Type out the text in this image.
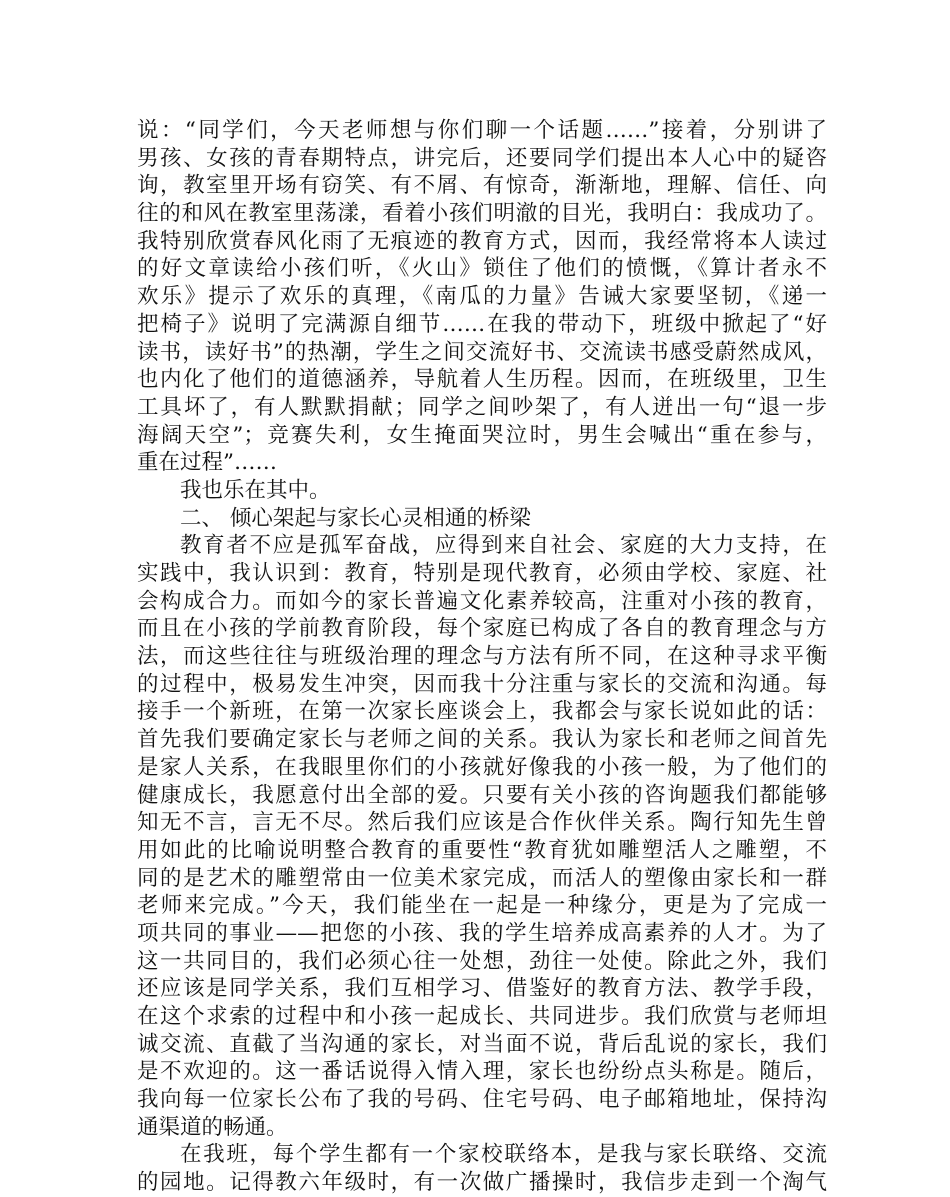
说：“同学们，今天老师想与你们聊一个话题……”接着，分别讲了
男孩、女孩的青春期特点，讲完后，还要同学们提出本人心中的疑咨
询，教室里开场有窃笑、有不屑、有惊奇，渐渐地，理解、信任、向
往的和风在教室里荡漾，看着小孩们明澈的目光，我明白：我成功了。
我特别欣赏春风化雨了无痕迹的教育方式，因而，我经常将本人读过
的好文章读给小孩们听，《火山》锁住了他们的愤慨，《算计者永不
欢乐》提示了欢乐的真理，《南瓜的力量》告诫大家要坚韧，《递一
把椅子》说明了完满源自细节……在我的带动下，班级中掀起了“好
读书，读好书”的热潮，学生之间交流好书、交流读书感受蔚然成风，
也内化了他们的道德涵养，导航着人生历程。因而，在班级里，卫生
工具坏了，有人默默捐献；同学之间吵架了，有人迸出一句“退一步
海阔天空”；竞赛失利，女生掩面哭泣时，男生会喊出“重在参与，
重在过程”……
我也乐在其中。
二、 倾心架起与家长心灵相通的桥梁
教育者不应是孤军奋战，应得到来自社会、家庭的大力支持，在
实践中，我认识到：教育，特别是现代教育，必须由学校、家庭、社
会构成合力。而如今的家长普遍文化素养较高，注重对小孩的教育，
而且在小孩的学前教育阶段，每个家庭已构成了各自的教育理念与方
法，而这些往往与班级治理的理念与方法有所不同，在这种寻求平衡
的过程中，极易发生冲突，因而我十分注重与家长的交流和沟通。每
接手一个新班，在第一次家长座谈会上，我都会与家长说如此的话：
首先我们要确定家长与老师之间的关系。我认为家长和老师之间首先
是家人关系，在我眼里你们的小孩就好像我的小孩一般，为了他们的
健康成长，我愿意付出全部的爱。只要有关小孩的咨询题我们都能够
知无不言，言无不尽。然后我们应该是合作伙伴关系。陶行知先生曾
用如此的比喻说明整合教育的重要性“教育犹如雕塑活人之雕塑，不
同的是艺术的雕塑常由一位美术家完成，而活人的塑像由家长和一群
老师来完成。”今天，我们能坐在一起是一种缘分，更是为了完成一
项共同的事业——把您的小孩、我的学生培养成高素养的人才。为了
这一共同目的，我们必须心往一处想，劲往一处使。除此之外，我们
还应该是同学关系，我们互相学习、借鉴好的教育方法、教学手段，
在这个求索的过程中和小孩一起成长、共同进步。我们欣赏与老师坦
诚交流、直截了当沟通的家长，对当面不说，背后乱说的家长，我们
是不欢迎的。这一番话说得入情入理，家长也纷纷点头称是。随后，
我向每一位家长公布了我的号码、住宅号码、电子邮箱地址，保持沟
通渠道的畅通。
在我班，每个学生都有一个家校联络本，是我与家长联络、交流
的园地。记得教六年级时，有一次做广播操时，我信步走到一个淘气
